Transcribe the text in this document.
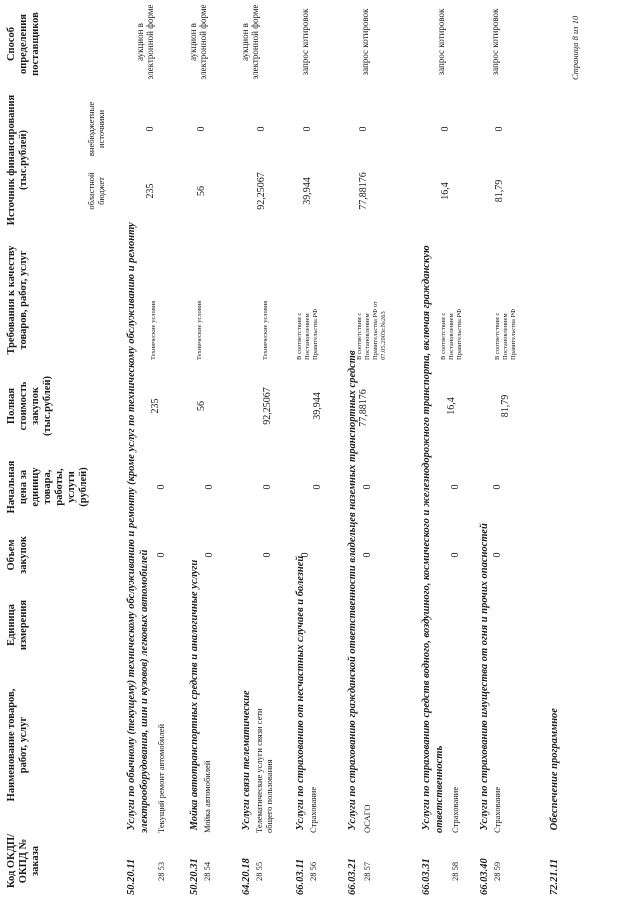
Код ОКДП/ ОКПД № заказа
Наименование товаров, работ, услуг
Единица измерения
Объем закупок
Начальная цена за единицу товара, работы, услуги (рублей)
Полная стоимость закупок (тыс.рублей)
Требования к качеству товаров, работ, услуг
Источник финансирования (тыс.рублей)
областной бюджет
внебюджетные источники
Способ определения поставщиков
50.20.11 Услуги по обычному (текущему) техническому обслуживанию и ремонту (кроме услуг по техническому обслуживанию и ремонту электрооборудования, шин и кузовов) легковых автомобилей
28 53
Текущий ремонт автомобилей
0
0
235
Технические условия
235
0
аукцион в электронной форме
50.20.31 Мойка автотранспортных средств и аналогичные услуги
28 54
Мойка автомобилей
0
0
56
Технические условия
56
0
аукцион в электронной форме
64.20.18 Услуги связи телематические
28 55
Телематические услуги связи сети общего пользования
0
0
92,25067
Технические условия
92,25067
0
аукцион в электронной форме
66.03.11 Услуги по страхованию от несчастных случаев и болезней
28 56
Страхование
0
0
39,944
В соответствии с Постановлением Правительства РФ
39,944
0
запрос котировок
66.03.21 Услуги по страхованию гражданской ответственности владельцев наземных транспортных средств
28 57
ОСАГО
0
0
77,88176
В соответствии с Постановлением Правительства РФ от 07.05.2003г.№263
77,88176
0
запрос котировок
66.03.31 Услуги по страхованию средств водного, воздушного, космического и железнодорожного транспорта, включая гражданскую ответственность
28 58
Страхование
0
0
16,4
В соответствии с Постановлением Правительства РФ
16,4
0
запрос котировок
66.03.40 Услуги по страхованию имущества от огня и прочих опасностей
28 59
Страхование
0
0
81,79
В соответствии с Постановлением Правительства РФ
81,79
0
запрос котировок
72.21.11 Обеспечение программное
Страница 8 из 10
